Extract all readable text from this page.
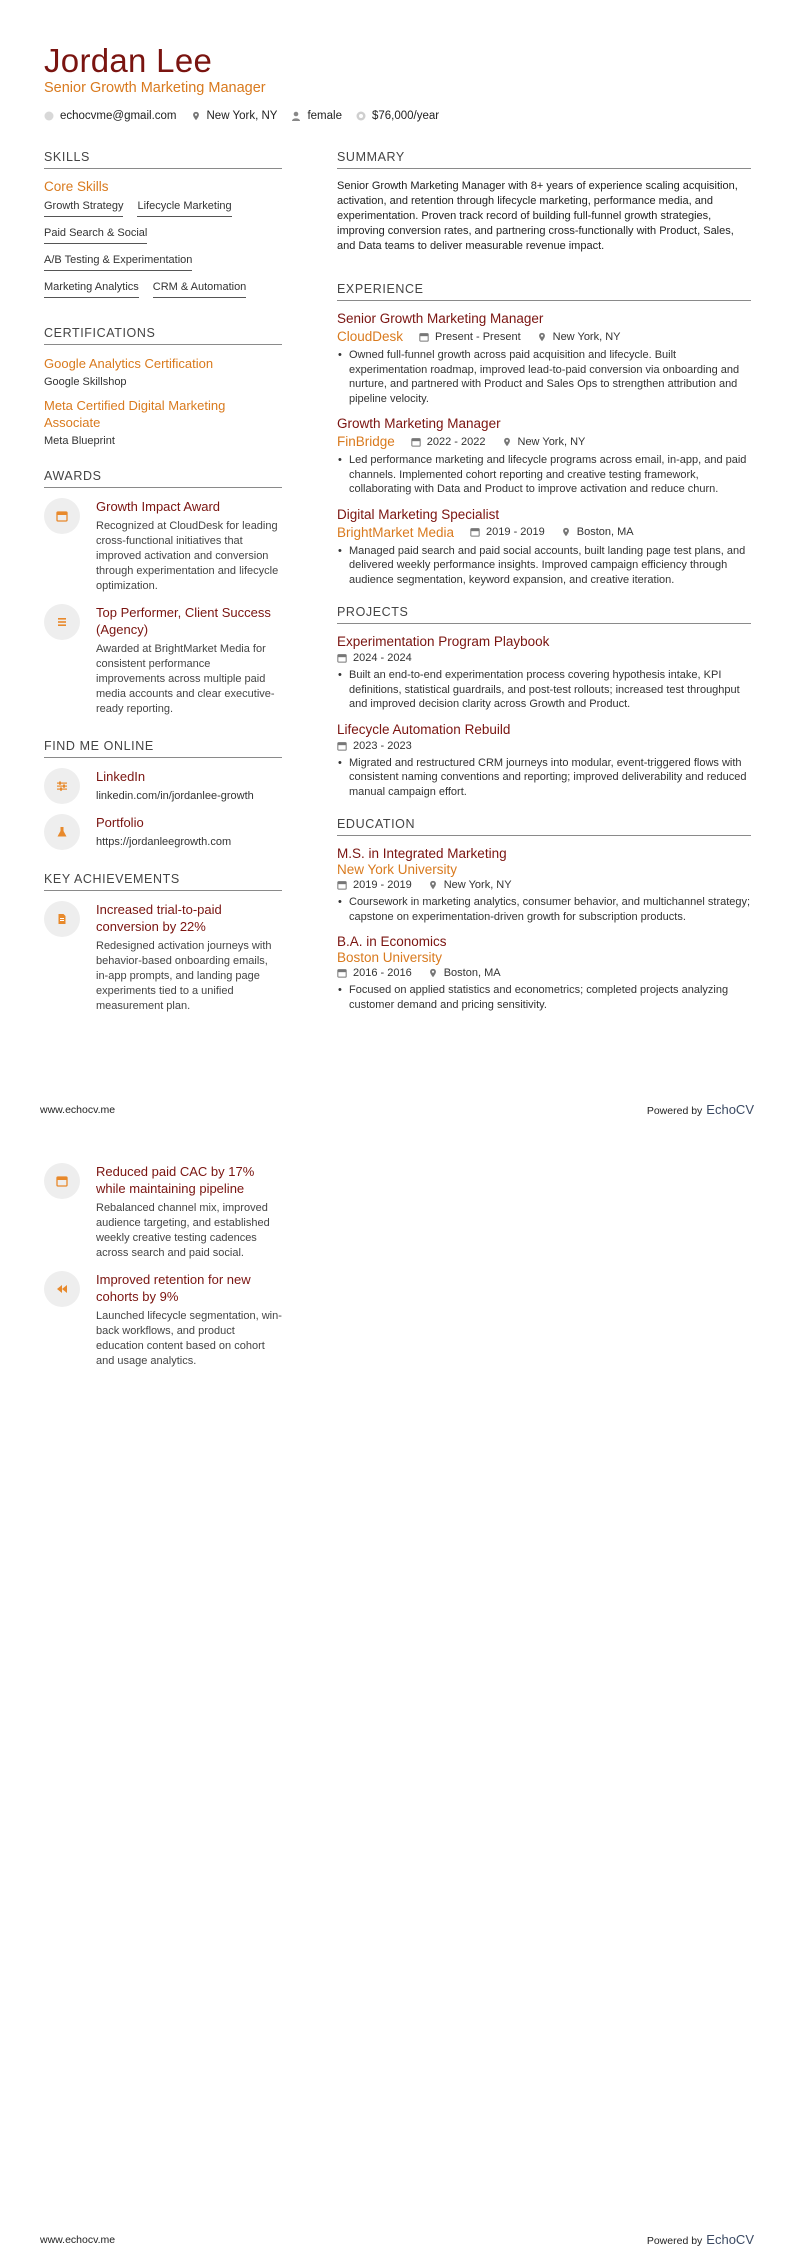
Jordan Lee
Senior Growth Marketing Manager
echocvme@gmail.com	New York, NY	female	$76,000/year
SKILLS
Core Skills
Growth Strategy Lifecycle Marketing
Paid Search & Social
A/B Testing & Experimentation
Marketing Analytics CRM & Automation
CERTIFICATIONS
Google Analytics Certification
Google Skillshop
Meta Certified Digital Marketing Associate
Meta Blueprint
AWARDS
Growth Impact Award
Recognized at CloudDesk for leading cross-functional initiatives that improved activation and conversion through experimentation and lifecycle optimization.
Top Performer, Client Success (Agency)
Awarded at BrightMarket Media for consistent performance improvements across multiple paid media accounts and clear executive-ready reporting.
FIND ME ONLINE
LinkedIn
linkedin.com/in/jordanlee-growth
Portfolio
https://jordanleegrowth.com
KEY ACHIEVEMENTS
Increased trial-to-paid conversion by 22%
Redesigned activation journeys with behavior-based onboarding emails, in-app prompts, and landing page experiments tied to a unified measurement plan.
SUMMARY
Senior Growth Marketing Manager with 8+ years of experience scaling acquisition, activation, and retention through lifecycle marketing, performance media, and experimentation. Proven track record of building full-funnel growth strategies, improving conversion rates, and partnering cross-functionally with Product, Sales, and Data teams to deliver measurable revenue impact.
EXPERIENCE
Senior Growth Marketing Manager
CloudDesk	Present - Present	New York, NY
• Owned full-funnel growth across paid acquisition and lifecycle. Built experimentation roadmap, improved lead-to-paid conversion via onboarding and nurture, and partnered with Product and Sales Ops to strengthen attribution and pipeline velocity.
Growth Marketing Manager
FinBridge	2022 - 2022	New York, NY
• Led performance marketing and lifecycle programs across email, in-app, and paid channels. Implemented cohort reporting and creative testing framework, collaborating with Data and Product to improve activation and reduce churn.
Digital Marketing Specialist
BrightMarket Media	2019 - 2019	Boston, MA
• Managed paid search and paid social accounts, built landing page test plans, and delivered weekly performance insights. Improved campaign efficiency through audience segmentation, keyword expansion, and creative iteration.
PROJECTS
Experimentation Program Playbook
2024 - 2024
• Built an end-to-end experimentation process covering hypothesis intake, KPI definitions, statistical guardrails, and post-test rollouts; increased test throughput and improved decision clarity across Growth and Product.
Lifecycle Automation Rebuild
2023 - 2023
• Migrated and restructured CRM journeys into modular, event-triggered flows with consistent naming conventions and reporting; improved deliverability and reduced manual campaign effort.
EDUCATION
M.S. in Integrated Marketing
New York University
2019 - 2019	New York, NY
• Coursework in marketing analytics, consumer behavior, and multichannel strategy; capstone on experimentation-driven growth for subscription products.
B.A. in Economics
Boston University
2016 - 2016	Boston, MA
• Focused on applied statistics and econometrics; completed projects analyzing customer demand and pricing sensitivity.
www.echocv.me	Powered by EchoCV
Reduced paid CAC by 17% while maintaining pipeline
Rebalanced channel mix, improved audience targeting, and established weekly creative testing cadences across search and paid social.
Improved retention for new cohorts by 9%
Launched lifecycle segmentation, win-back workflows, and product education content based on cohort and usage analytics.
www.echocv.me	Powered by EchoCV
